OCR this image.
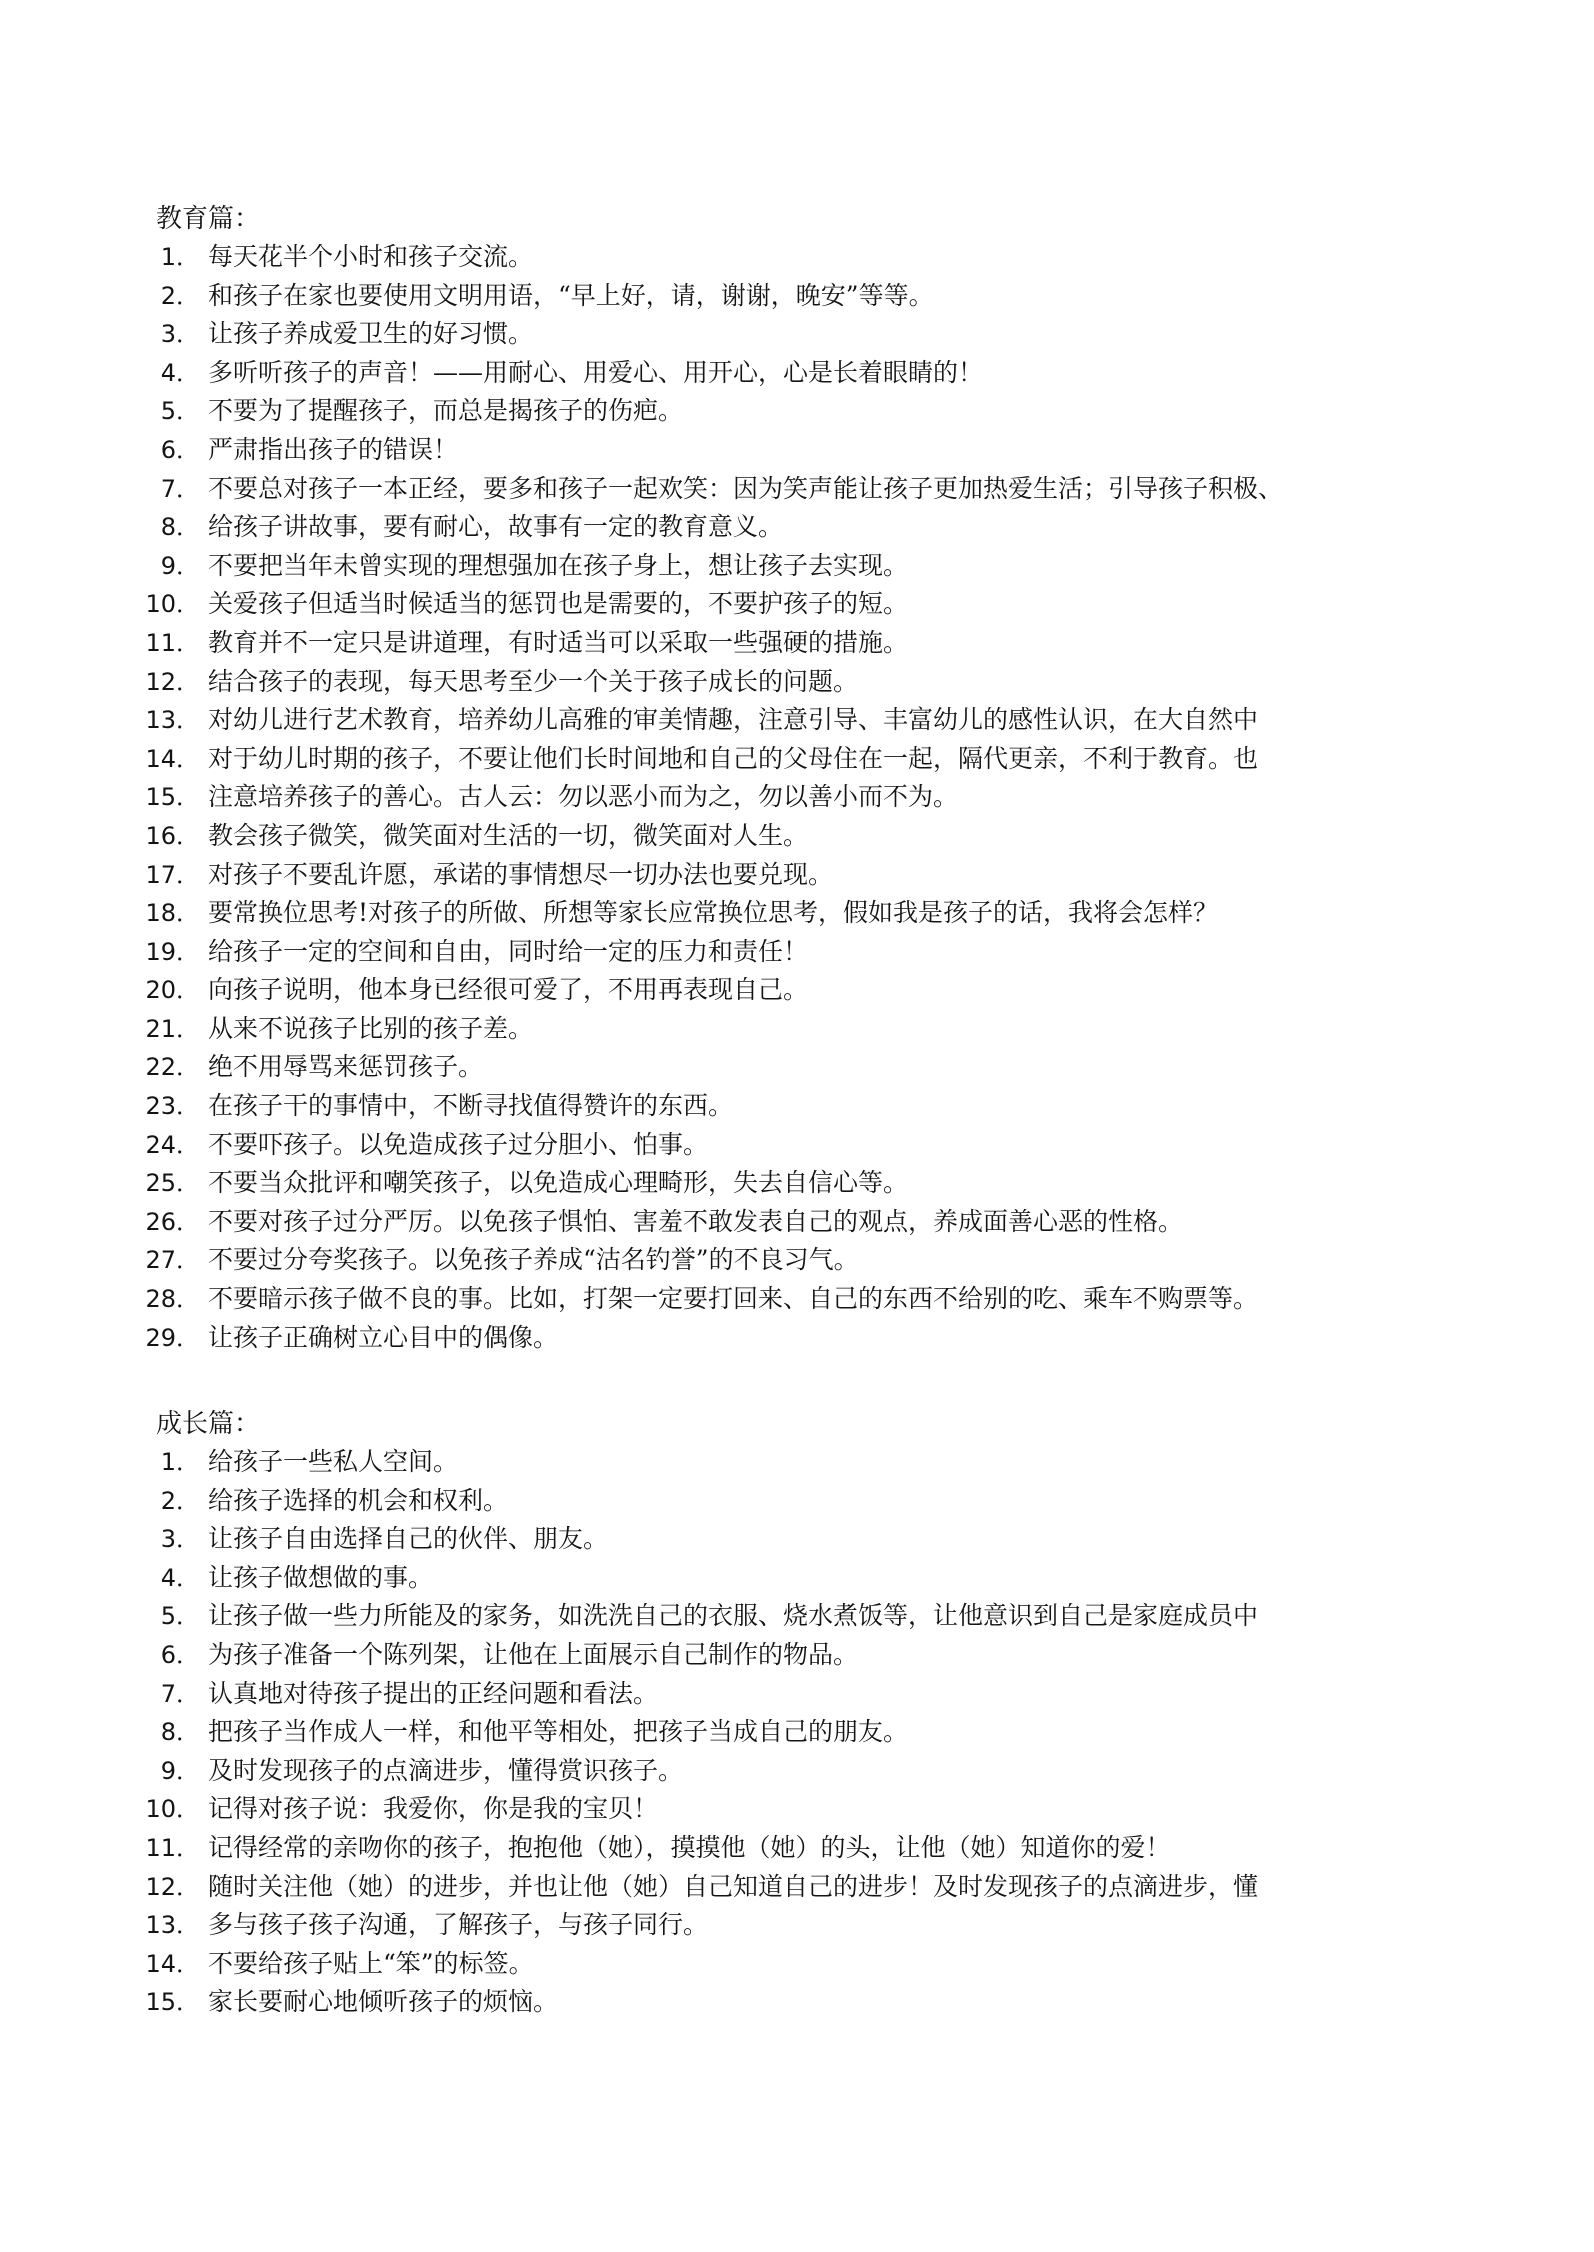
教育篇：
1． 每天花半个小时和孩子交流。
2． 和孩子在家也要使用文明用语，“早上好，请，谢谢，晚安”等等。
3． 让孩子养成爱卫生的好习惯。
4． 多听听孩子的声音！——用耐心、用爱心、用开心，心是长着眼睛的！
5． 不要为了提醒孩子，而总是揭孩子的伤疤。
6． 严肃指出孩子的错误！
7． 不要总对孩子一本正经，要多和孩子一起欢笑：因为笑声能让孩子更加热爱生活；引导孩子积极、
8． 给孩子讲故事，要有耐心，故事有一定的教育意义。
9． 不要把当年未曾实现的理想强加在孩子身上，想让孩子去实现。
10． 关爱孩子但适当时候适当的惩罚也是需要的，不要护孩子的短。
11． 教育并不一定只是讲道理，有时适当可以采取一些强硬的措施。
12． 结合孩子的表现，每天思考至少一个关于孩子成长的问题。
13． 对幼儿进行艺术教育，培养幼儿高雅的审美情趣，注意引导、丰富幼儿的感性认识，在大自然中
14． 对于幼儿时期的孩子，不要让他们长时间地和自己的父母住在一起，隔代更亲，不利于教育。也
15． 注意培养孩子的善心。古人云：勿以恶小而为之，勿以善小而不为。
16． 教会孩子微笑，微笑面对生活的一切，微笑面对人生。
17． 对孩子不要乱许愿，承诺的事情想尽一切办法也要兑现。
18． 要常换位思考!对孩子的所做、所想等家长应常换位思考，假如我是孩子的话，我将会怎样？
19． 给孩子一定的空间和自由，同时给一定的压力和责任！
20． 向孩子说明，他本身已经很可爱了，不用再表现自己。
21． 从来不说孩子比别的孩子差。
22． 绝不用辱骂来惩罚孩子。
23． 在孩子干的事情中，不断寻找值得赞许的东西。
24． 不要吓孩子。以免造成孩子过分胆小、怕事。
25． 不要当众批评和嘲笑孩子，以免造成心理畸形，失去自信心等。
26． 不要对孩子过分严厉。以免孩子惧怕、害羞不敢发表自己的观点，养成面善心恶的性格。
27． 不要过分夸奖孩子。以免孩子养成“沽名钓誉”的不良习气。
28． 不要暗示孩子做不良的事。比如，打架一定要打回来、自己的东西不给别的吃、乘车不购票等。
29． 让孩子正确树立心目中的偶像。
成长篇：
1． 给孩子一些私人空间。
2． 给孩子选择的机会和权利。
3． 让孩子自由选择自己的伙伴、朋友。
4． 让孩子做想做的事。
5． 让孩子做一些力所能及的家务，如洗洗自己的衣服、烧水煮饭等，让他意识到自己是家庭成员中
6． 为孩子准备一个陈列架，让他在上面展示自己制作的物品。
7． 认真地对待孩子提出的正经问题和看法。
8． 把孩子当作成人一样，和他平等相处，把孩子当成自己的朋友。
9． 及时发现孩子的点滴进步，懂得赏识孩子。
10． 记得对孩子说：我爱你，你是我的宝贝！
11． 记得经常的亲吻你的孩子，抱抱他（她），摸摸他（她）的头，让他（她）知道你的爱！
12． 随时关注他（她）的进步，并也让他（她）自己知道自己的进步！及时发现孩子的点滴进步，懂
13． 多与孩子孩子沟通，了解孩子，与孩子同行。
14． 不要给孩子贴上“笨”的标签。
15． 家长要耐心地倾听孩子的烦恼。
